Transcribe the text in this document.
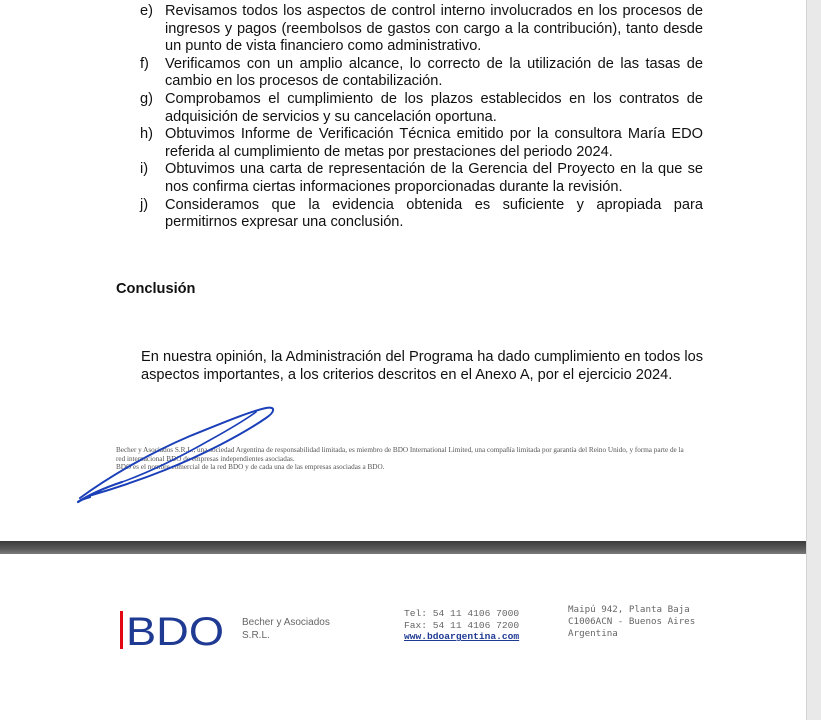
e) Revisamos todos los aspectos de control interno involucrados en los procesos de ingresos y pagos (reembolsos de gastos con cargo a la contribución), tanto desde un punto de vista financiero como administrativo.
f) Verificamos con un amplio alcance, lo correcto de la utilización de las tasas de cambio en los procesos de contabilización.
g) Comprobamos el cumplimiento de los plazos establecidos en los contratos de adquisición de servicios y su cancelación oportuna.
h) Obtuvimos Informe de Verificación Técnica emitido por la consultora María EDO referida al cumplimiento de metas por prestaciones del periodo 2024.
i) Obtuvimos una carta de representación de la Gerencia del Proyecto en la que se nos confirma ciertas informaciones proporcionadas durante la revisión.
j) Consideramos que la evidencia obtenida es suficiente y apropiada para permitirnos expresar una conclusión.
Conclusión

En nuestra opinión, la Administración del Programa ha dado cumplimiento en todos los aspectos importantes, a los criterios descritos en el Anexo A, por el ejercicio 2024.

Becher y Asociados S.R.L., una sociedad Argentina de responsabilidad limitada, es miembro de BDO International Limited, una compañía limitada por garantía del Reino Unido, y forma parte de la red internacional BDO de empresas independientes asociadas.

BDO es el nombre comercial de la red BDO y de cada una de las empresas asociadas a BDO.

BDO Becher y Asociados
S.R.L.
Tel: 54 11 4106 7000
Fax: 54 11 4106 7200
www.bdoargentina.com
Maipú 942, Planta Baja
C1006ACN - Buenos Aires
Argentina
